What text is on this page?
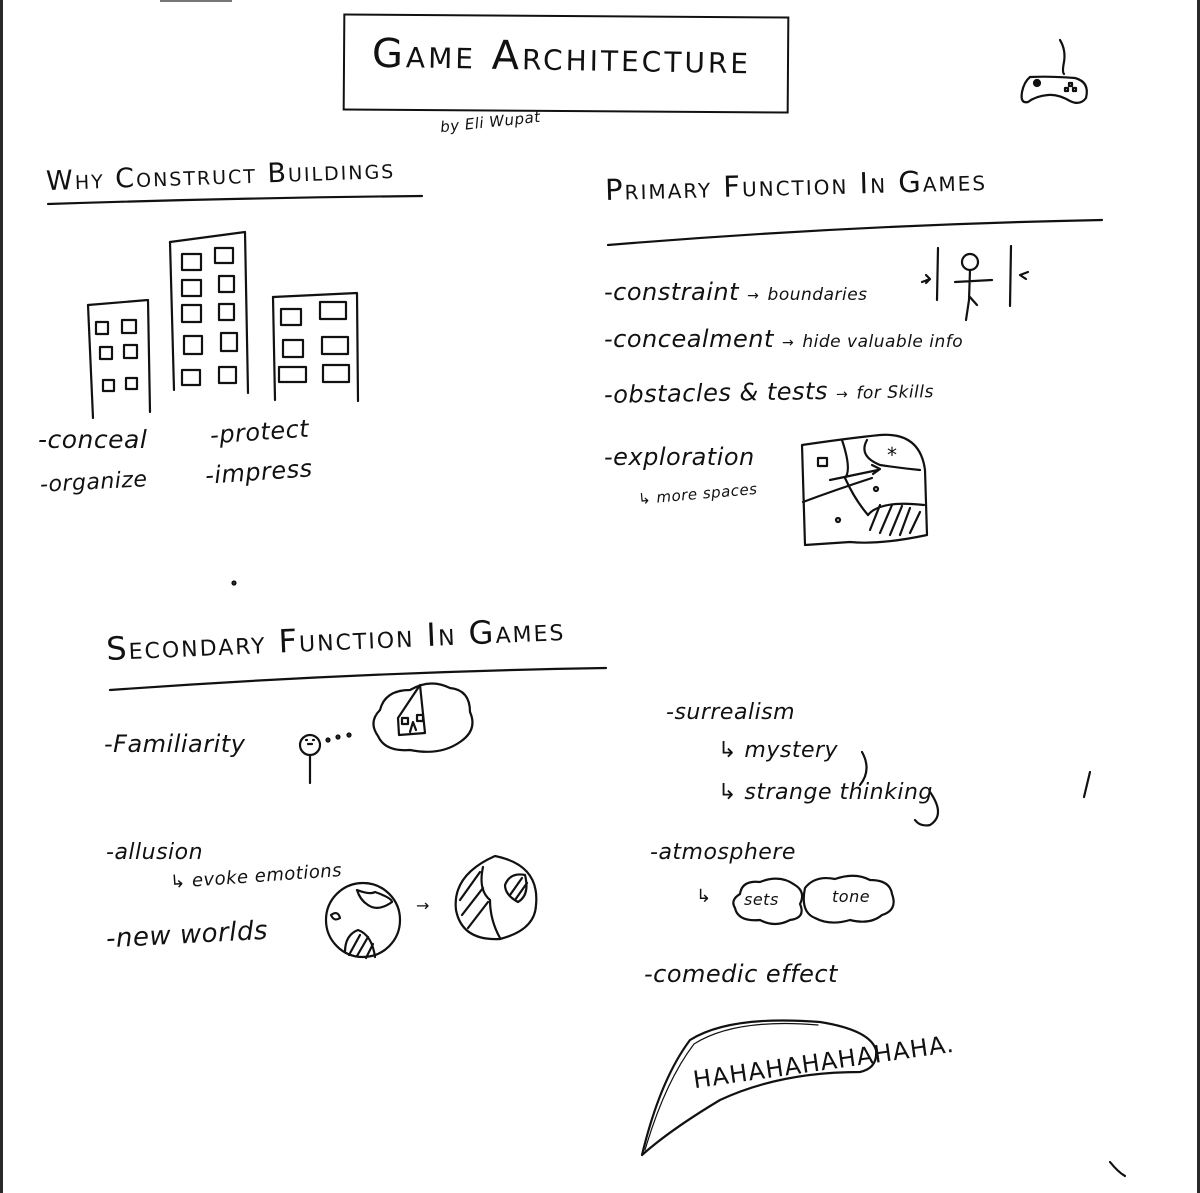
Game Architecture
by Eli Wupat
Why Construct Buildings	Primary Function In Games
Secondary Function In Games
-conceal
-organize
-protect
-impress
-constraint → boundaries
-concealment → hide valuable info
-obstacles & tests → for Skills
-exploration
↳ more spaces
-Familiarity
-allusion
↳ evoke emotions
-new worlds
→
-surrealism
↳ mystery
↳ strange thinking
-atmosphere
↳ sets	tone
-comedic effect
HAHAHAHAHAHAHA.
*
